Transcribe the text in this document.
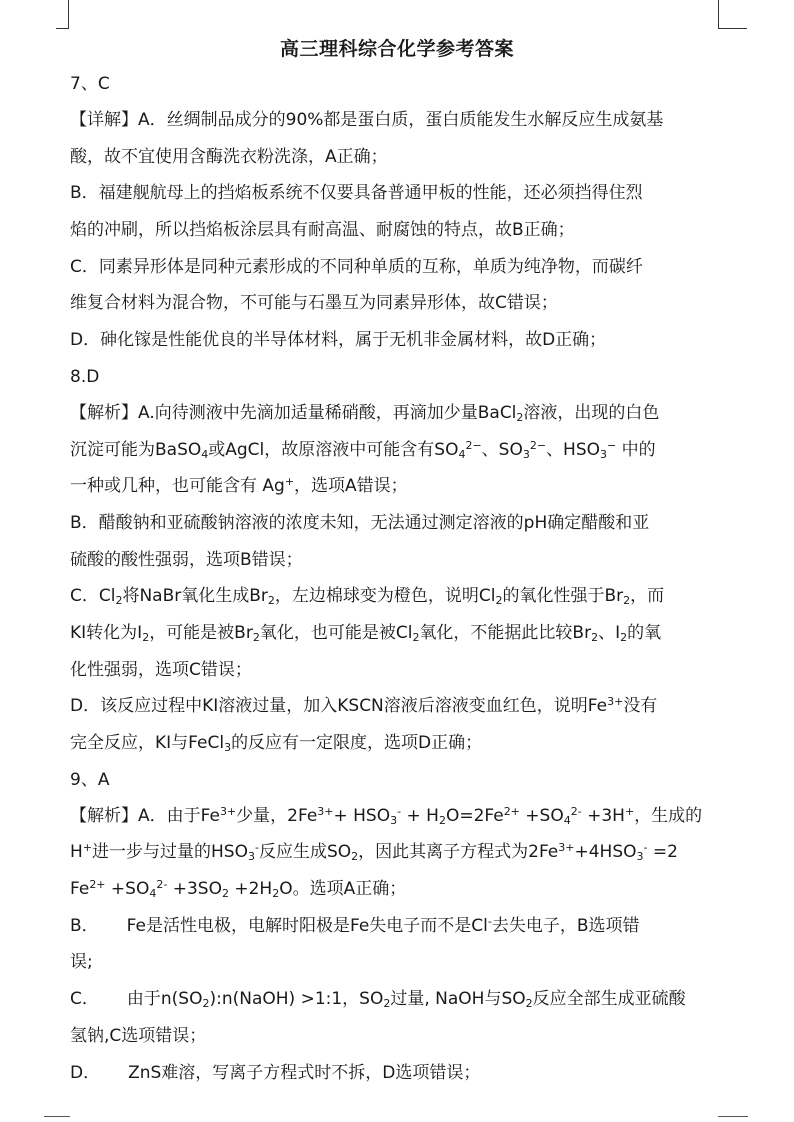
高三理科综合化学参考答案
7、C
【详解】A．丝绸制品成分的90%都是蛋白质，蛋白质能发生水解反应生成氨基
酸，故不宜使用含酶洗衣粉洗涤，A正确；
B．福建舰航母上的挡焰板系统不仅要具备普通甲板的性能，还必须挡得住烈
焰的冲刷，所以挡焰板涂层具有耐高温、耐腐蚀的特点，故B正确；
C．同素异形体是同种元素形成的不同种单质的互称，单质为纯净物，而碳纤
维复合材料为混合物，不可能与石墨互为同素异形体，故C错误；
D．砷化镓是性能优良的半导体材料，属于无机非金属材料，故D正确；
8.D
【解析】A.向待测液中先滴加适量稀硝酸，再滴加少量BaCl$_2$溶液，出现的白色
沉淀可能为BaSO$_4$或AgCl，故原溶液中可能含有$SO_4^{2-}$、$SO_3^{2-}$、$HSO_3^-$ 中的
一种或几种，也可能含有 Ag+，选项A错误；
B．醋酸钠和亚硫酸钠溶液的浓度未知，无法通过测定溶液的pH确定醋酸和亚
硫酸的酸性强弱，选项B错误；
C．$Cl_2$将NaBr氧化生成$Br_2$，左边棉球变为橙色，说明$Cl_2$的氧化性强于$Br_2$，而
KI转化为$I_2$，可能是被$Br_2$氧化，也可能是被$Cl_2$氧化，不能据此比较$Br_2$、$I_2$的氧
化性强弱，选项C错误；
D．该反应过程中KI溶液过量，加入KSCN溶液后溶液变血红色，说明$Fe^{3+}$没有
完全反应，KI与FeCl$_3$的反应有一定限度，选项D正确；
9、A
【解析】A．由于$Fe^{3+}$少量，$2Fe^{3+}+ HSO_3^- + H_2O=2Fe^{2+} +SO_4^{2-} +3H^+$，生成的
H+进一步与过量的$HSO_3^-$反应生成$SO_2$，因此其离子方程式为$2Fe^{3+}+4HSO_3^- =2$
$Fe^{2+} +SO_4^{2-} +3SO_2 +2H_2O$。选项A正确；
B． Fe是活性电极，电解时阳极是Fe失电子而不是Cl-去失电子，B选项错
误;
C． 由于$n(SO_2):n(NaOH)$ >1:1，$SO_2$过量, NaOH与$SO_2$反应全部生成亚硫酸
氢钠,C选项错误；
D． ZnS难溶，写离子方程式时不拆，D选项错误；
